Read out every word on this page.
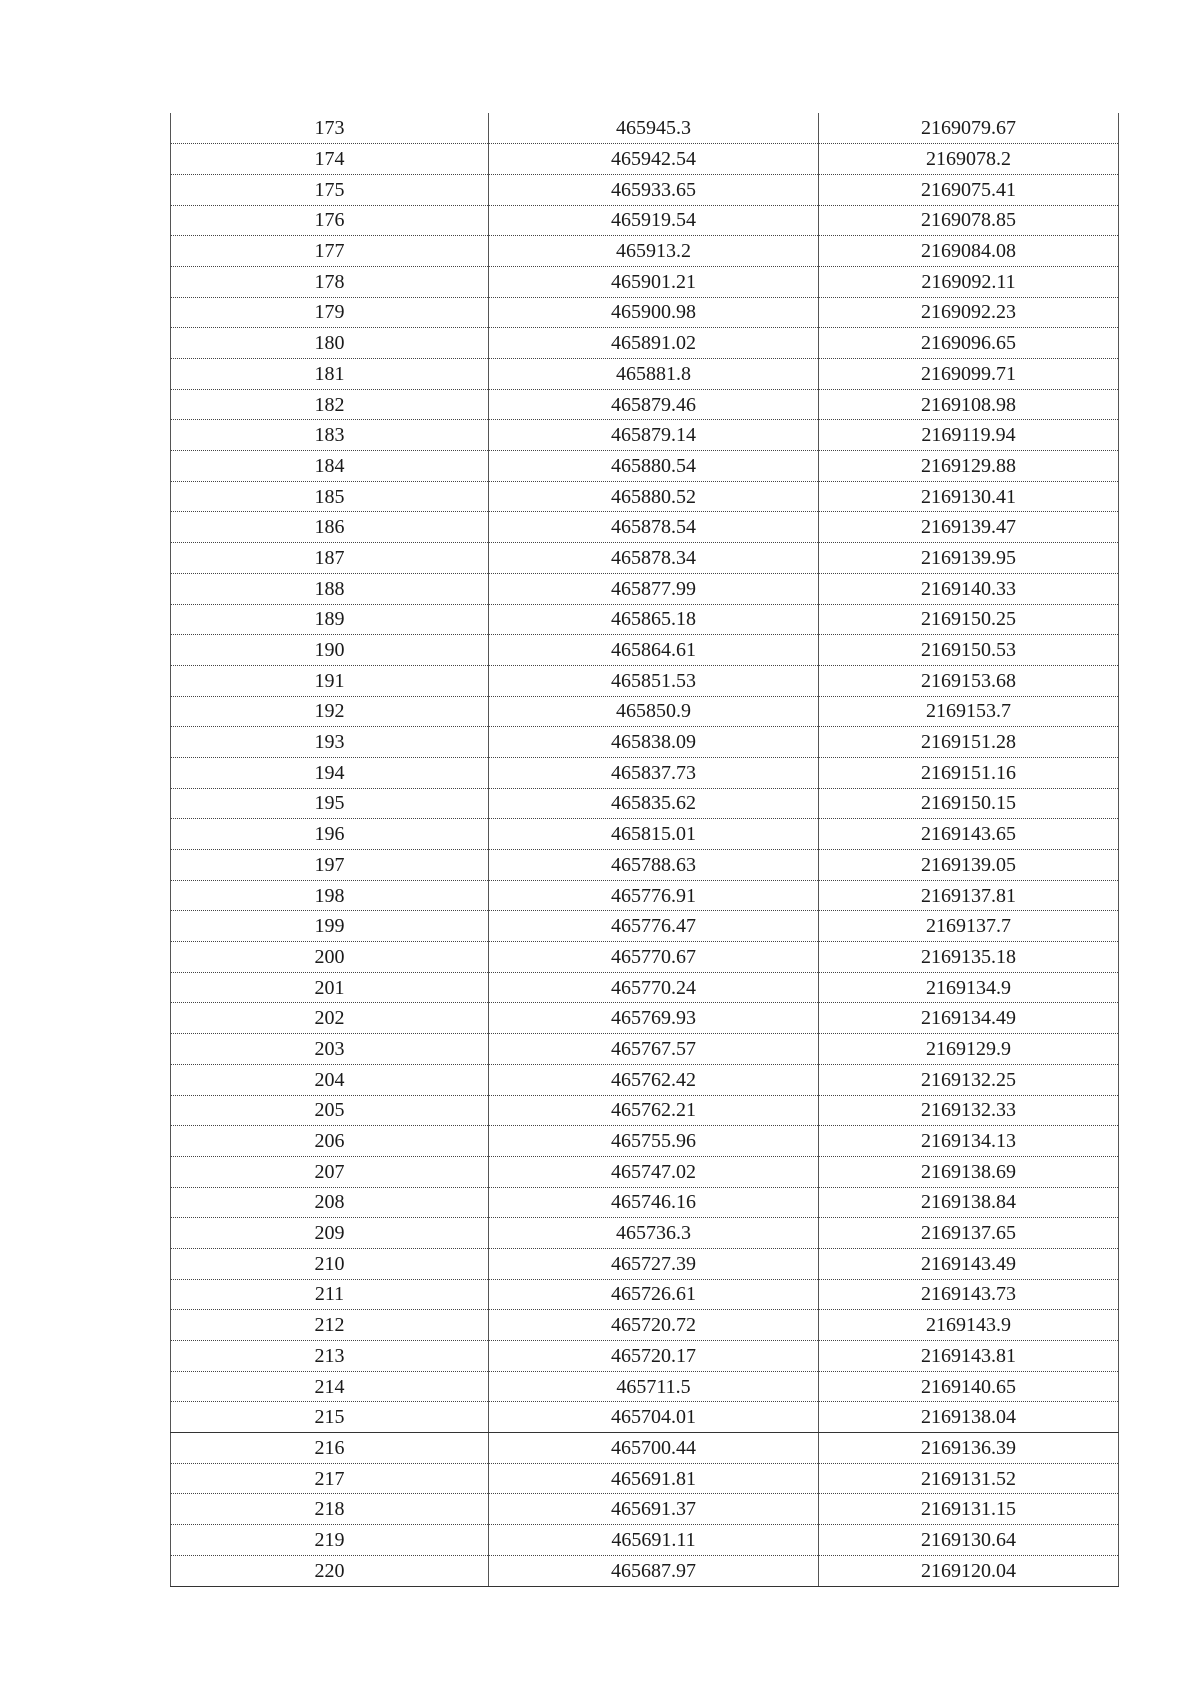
173	465945.3	2169079.67
174	465942.54	2169078.2
175	465933.65	2169075.41
176	465919.54	2169078.85
177	465913.2	2169084.08
178	465901.21	2169092.11
179	465900.98	2169092.23
180	465891.02	2169096.65
181	465881.8	2169099.71
182	465879.46	2169108.98
183	465879.14	2169119.94
184	465880.54	2169129.88
185	465880.52	2169130.41
186	465878.54	2169139.47
187	465878.34	2169139.95
188	465877.99	2169140.33
189	465865.18	2169150.25
190	465864.61	2169150.53
191	465851.53	2169153.68
192	465850.9	2169153.7
193	465838.09	2169151.28
194	465837.73	2169151.16
195	465835.62	2169150.15
196	465815.01	2169143.65
197	465788.63	2169139.05
198	465776.91	2169137.81
199	465776.47	2169137.7
200	465770.67	2169135.18
201	465770.24	2169134.9
202	465769.93	2169134.49
203	465767.57	2169129.9
204	465762.42	2169132.25
205	465762.21	2169132.33
206	465755.96	2169134.13
207	465747.02	2169138.69
208	465746.16	2169138.84
209	465736.3	2169137.65
210	465727.39	2169143.49
211	465726.61	2169143.73
212	465720.72	2169143.9
213	465720.17	2169143.81
214	465711.5	2169140.65
215	465704.01	2169138.04
216	465700.44	2169136.39
217	465691.81	2169131.52
218	465691.37	2169131.15
219	465691.11	2169130.64
220	465687.97	2169120.04
